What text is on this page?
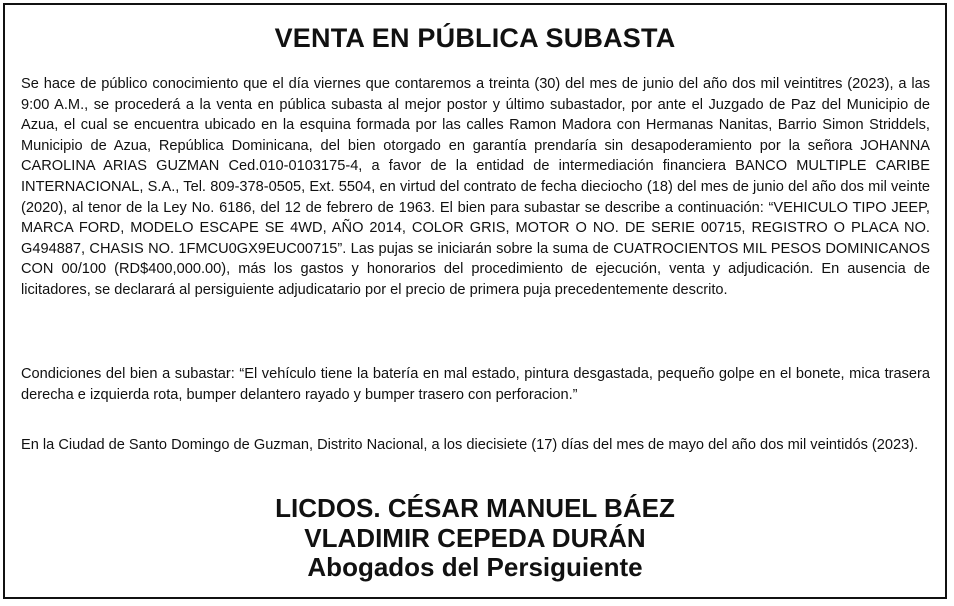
VENTA EN PÚBLICA SUBASTA

Se hace de público conocimiento que el día viernes que contaremos a treinta (30) del mes de junio del año dos mil veintitres (2023), a las 9:00 A.M., se procederá a la venta en pública subasta al mejor postor y último subastador, por ante el Juzgado de Paz del Municipio de Azua, el cual se encuentra ubicado en la esquina formada por las calles Ramon Madora con Hermanas Nanitas, Barrio Simon Striddels, Municipio de Azua, República Dominicana, del bien otorgado en garantía prendaría sin desapoderamiento por la señora JOHANNA CAROLINA ARIAS GUZMAN Ced.010-0103175-4, a favor de la entidad de intermediación financiera BANCO MULTIPLE CARIBE INTERNACIONAL, S.A., Tel. 809-378-0505, Ext. 5504, en virtud del contrato de fecha dieciocho (18) del mes de junio del año dos mil veinte (2020), al tenor de la Ley No. 6186, del 12 de febrero de 1963. El bien para subastar se describe a continuación: “VEHICULO TIPO JEEP, MARCA FORD, MODELO ESCAPE SE 4WD, AÑO 2014, COLOR GRIS, MOTOR O NO. DE SERIE 00715, REGISTRO O PLACA NO. G494887, CHASIS NO. 1FMCU0GX9EUC00715”. Las pujas se iniciarán sobre la suma de CUATROCIENTOS MIL PESOS DOMINICANOS CON 00/100 (RD$400,000.00), más los gastos y honorarios del procedimiento de ejecución, venta y adjudicación. En ausencia de licitadores, se declarará al persiguiente adjudicatario por el precio de primera puja precedentemente descrito.

Condiciones del bien a subastar: “El vehículo tiene la batería en mal estado, pintura desgastada, pequeño golpe en el bonete, mica trasera derecha e izquierda rota, bumper delantero rayado y bumper trasero con perforacion.”

En la Ciudad de Santo Domingo de Guzman, Distrito Nacional, a los diecisiete (17) días del mes de mayo del año dos mil veintidós (2023).

LICDOS. CÉSAR MANUEL BÁEZ
VLADIMIR CEPEDA DURÁN
Abogados del Persiguiente
